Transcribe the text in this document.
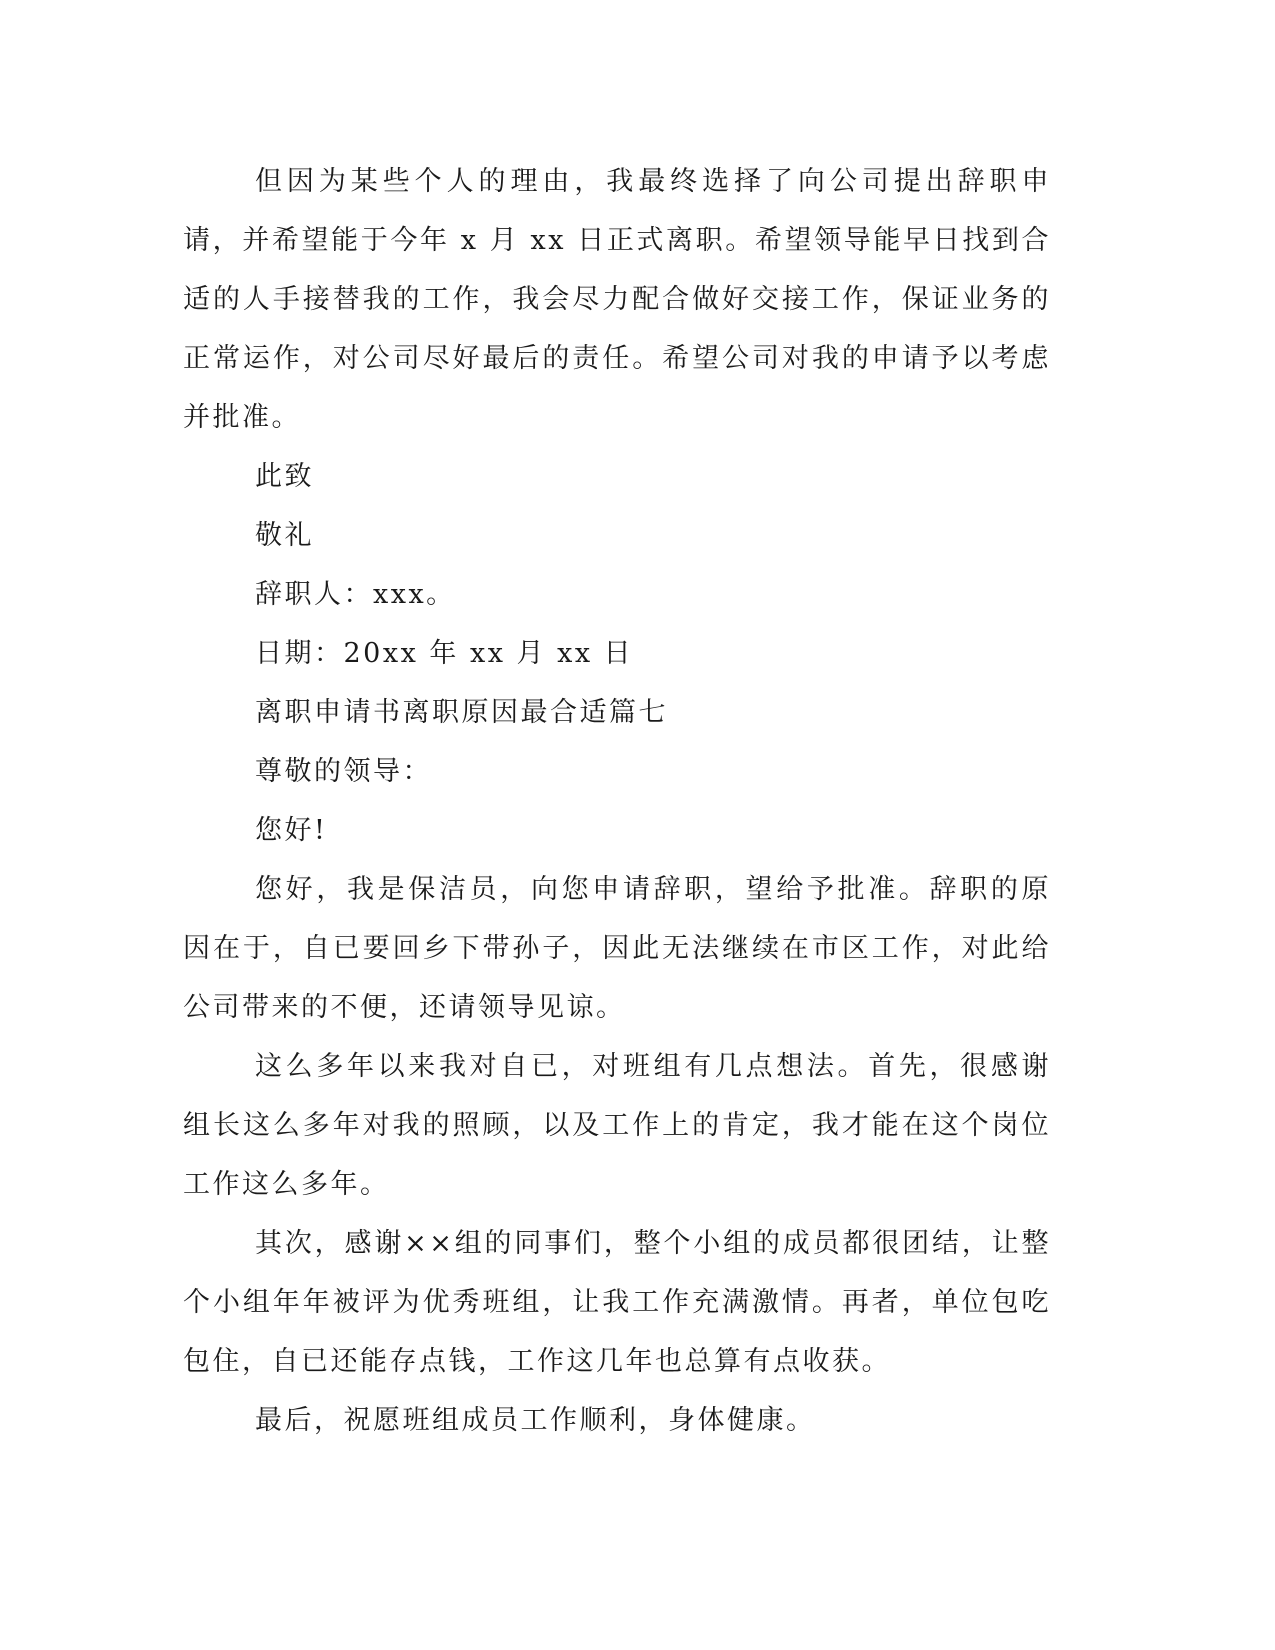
但因为某些个人的理由，我最终选择了向公司提出辞职申请，并希望能于今年 x 月 xx 日正式离职。希望领导能早日找到合适的人手接替我的工作，我会尽力配合做好交接工作，保证业务的正常运作，对公司尽好最后的责任。希望公司对我的申请予以考虑并批准。

此致

敬礼

辞职人：xxx。

日期：20xx 年 xx 月 xx 日

离职申请书离职原因最合适篇七

尊敬的领导：

您好!

您好，我是保洁员，向您申请辞职，望给予批准。辞职的原因在于，自已要回乡下带孙子，因此无法继续在市区工作，对此给公司带来的不便，还请领导见谅。

这么多年以来我对自已，对班组有几点想法。首先，很感谢组长这么多年对我的照顾，以及工作上的肯定，我才能在这个岗位工作这么多年。

其次，感谢××组的同事们，整个小组的成员都很团结，让整个小组年年被评为优秀班组，让我工作充满激情。再者，单位包吃包住，自已还能存点钱，工作这几年也总算有点收获。

最后，祝愿班组成员工作顺利，身体健康。
